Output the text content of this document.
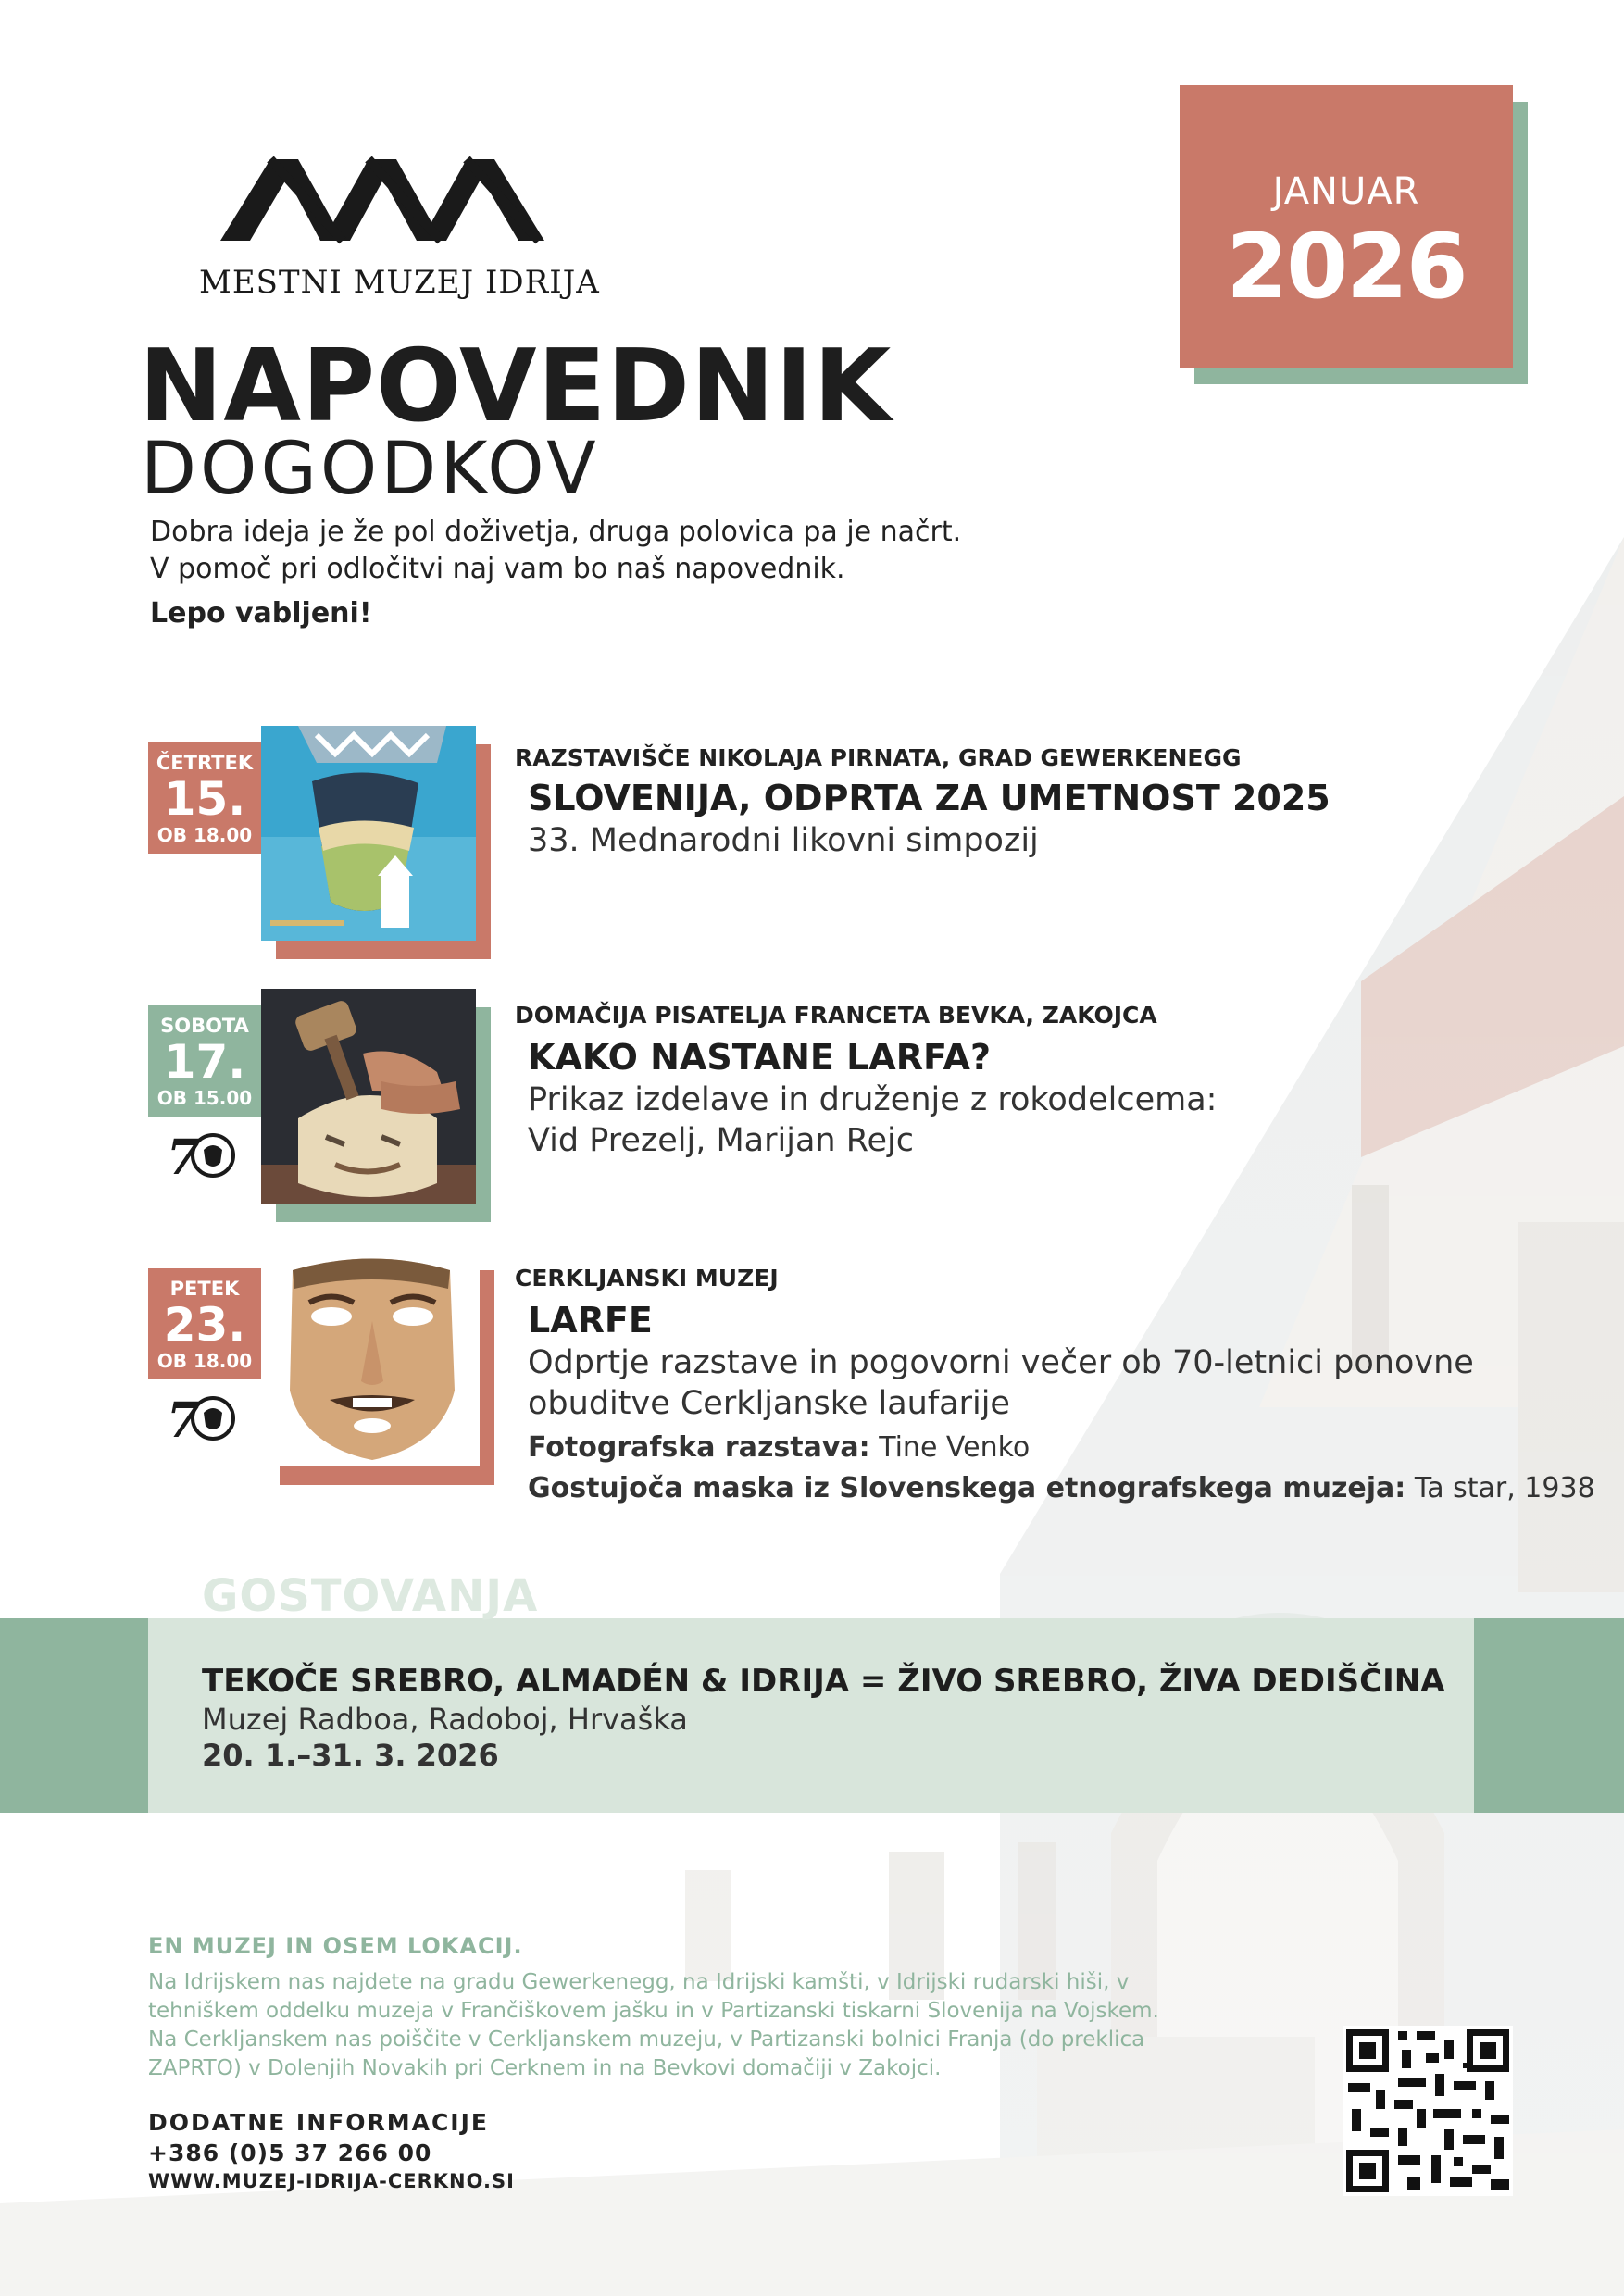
MESTNI MUZEJ IDRIJA
JANUAR
2026
NAPOVEDNIK
DOGODKOV
Dobra ideja je že pol doživetja, druga polovica pa je načrt.
V pomoč pri odločitvi naj vam bo naš napovednik.
Lepo vabljeni!
ČETRTEK
15.
OB 18.00
RAZSTAVIŠČE NIKOLAJA PIRNATA, GRAD GEWERKENEGG
SLOVENIJA, ODPRTA ZA UMETNOST 2025
33. Mednarodni likovni simpozij
SOBOTA
17.
OB 15.00
7
DOMAČIJA PISATELJA FRANCETA BEVKA, ZAKOJCA
KAKO NASTANE LARFA?
Prikaz izdelave in druženje z rokodelcema:
Vid Prezelj, Marijan Rejc
PETEK
23.
OB 18.00
7
CERKLJANSKI MUZEJ
LARFE
Odprtje razstave in pogovorni večer ob 70-letnici ponovne
obuditve Cerkljanske laufarije
Fotografska razstava: Tine Venko
Gostujoča maska iz Slovenskega etnografskega muzeja: Ta star, 1938
GOSTOVANJA
TEKOČE SREBRO, ALMADÉN & IDRIJA = ŽIVO SREBRO, ŽIVA DEDIŠČINA
Muzej Radboa, Radoboj, Hrvaška
20. 1.–31. 3. 2026
EN MUZEJ IN OSEM LOKACIJ.
Na Idrijskem nas najdete na gradu Gewerkenegg, na Idrijski kamšti, v Idrijski rudarski hiši, v
tehniškem oddelku muzeja v Frančiškovem jašku in v Partizanski tiskarni Slovenija na Vojskem.
Na Cerkljanskem nas poiščite v Cerkljanskem muzeju, v Partizanski bolnici Franja (do preklica
ZAPRTO) v Dolenjih Novakih pri Cerknem in na Bevkovi domačiji v Zakojci.
DODATNE INFORMACIJE
+386 (0)5 37 266 00
WWW.MUZEJ-IDRIJA-CERKNO.SI
